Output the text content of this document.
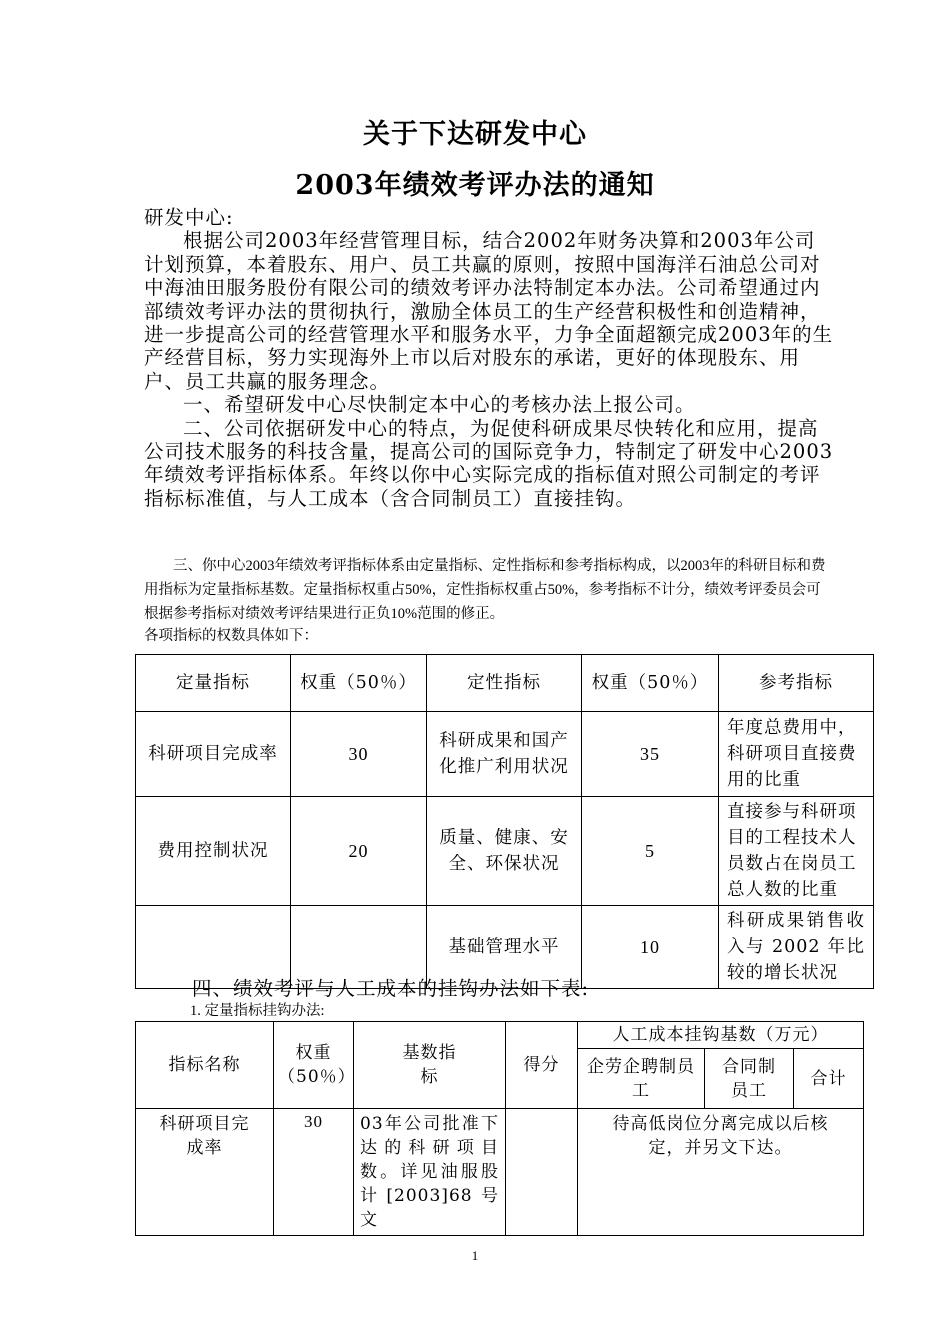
关于下达研发中心
2003年绩效考评办法的通知

研发中心:

根据公司2003年经营管理目标，结合2002年财务决算和2003年公司计划预算，本着股东、用户、员工共赢的原则，按照中国海洋石油总公司对中海油田服务股份有限公司的绩效考评办法特制定本办法。公司希望通过内部绩效考评办法的贯彻执行，激励全体员工的生产经营积极性和创造精神，进一步提高公司的经营管理水平和服务水平，力争全面超额完成2003年的生产经营目标，努力实现海外上市以后对股东的承诺，更好的体现股东、用户、员工共赢的服务理念。

一、希望研发中心尽快制定本中心的考核办法上报公司。

二、公司依据研发中心的特点，为促使科研成果尽快转化和应用，提高公司技术服务的科技含量，提高公司的国际竞争力，特制定了研发中心2003年绩效考评指标体系。年终以你中心实际完成的指标值对照公司制定的考评指标标准值，与人工成本（含合同制员工）直接挂钩。

三、你中心2003年绩效考评指标体系由定量指标、定性指标和参考指标构成，以2003年的科研目标和费用指标为定量指标基数。定量指标权重占50%，定性指标权重占50%，参考指标不计分，绩效考评委员会可根据参考指标对绩效考评结果进行正负10%范围的修正。

各项指标的权数具体如下：

定量指标	权重（50％）	定性指标	权重（50％）	参考指标
科研项目完成率	30	科研成果和国产化推广利用状况	35	年度总费用中，科研项目直接费用的比重
费用控制状况	20	质量、健康、安全、环保状况	5	直接参与科研项目的工程技术人员数占在岗员工总人数的比重
		基础管理水平	10	科研成果销售收入与 2002 年比较的增长状况
四、绩效考评与人工成本的挂钩办法如下表:
1. 定量指标挂钩办法:
指标名称	权重（50％）	基数指标	得分	人工成本挂钩基数（万元）		
				企劳企聘制员工	合同制员工	合计
科研项目完成率	30	03年公司批准下达的科研项目数。详见油服股计[2003]68号文		待高低岗位分离完成以后核定，并另文下达。		
1
